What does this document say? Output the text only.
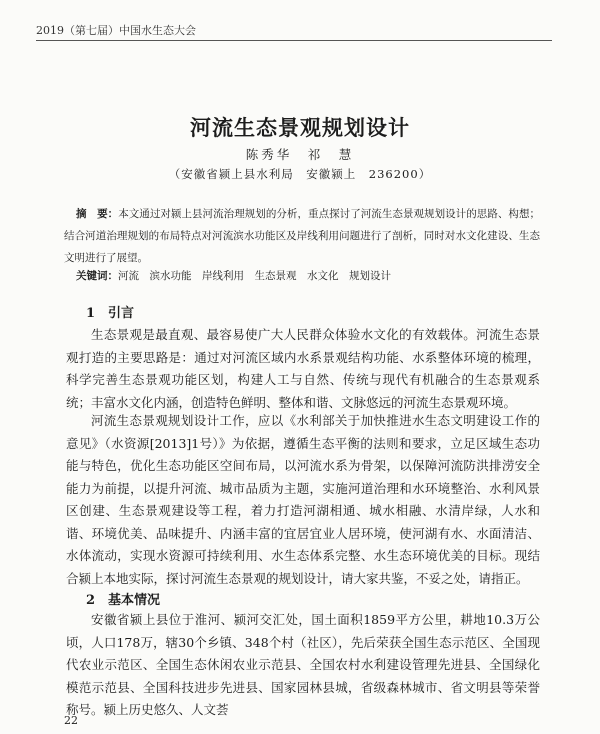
2019（第七届）中国水生态大会
河流生态景观规划设计
陈秀华　祁　慧
（安徽省颍上县水利局　安徽颍上　236200）
摘　要：本文通过对颍上县河流治理规划的分析，重点探讨了河流生态景观规划设计的思路、构想；结合河道治理规划的布局特点对河流滨水功能区及岸线利用问题进行了剖析，同时对水文化建设、生态文明进行了展望。
关键词：河流　滨水功能　岸线利用　生态景观　水文化　规划设计
1　引言
生态景观是最直观、最容易使广大人民群众体验水文化的有效载体。河流生态景观打造的主要思路是：通过对河流区域内水系景观结构功能、水系整体环境的梳理，科学完善生态景观功能区划，构建人工与自然、传统与现代有机融合的生态景观系统；丰富水文化内涵，创造特色鲜明、整体和谐、文脉悠远的河流生态景观环境。
河流生态景观规划设计工作，应以《水利部关于加快推进水生态文明建设工作的意见》（水资源[2013]1号）》为依据，遵循生态平衡的法则和要求，立足区域生态功能与特色，优化生态功能区空间布局，以河流水系为骨架，以保障河流防洪排涝安全能力为前提，以提升河流、城市品质为主题，实施河道治理和水环境整治、水利风景区创建、生态景观建设等工程，着力打造河湖相通、城水相融、水清岸绿，人水和谐、环境优美、品味提升、内涵丰富的宜居宜业人居环境，使河湖有水、水面清洁、水体流动，实现水资源可持续利用、水生态体系完整、水生态环境优美的目标。现结合颍上本地实际，探讨河流生态景观的规划设计，请大家共鉴，不妥之处，请指正。
2　基本情况
安徽省颍上县位于淮河、颍河交汇处，国土面积1859平方公里，耕地10.3万公顷，人口178万，辖30个乡镇、348个村（社区），先后荣获全国生态示范区、全国现代农业示范区、全国生态休闲农业示范县、全国农村水利建设管理先进县、全国绿化模范示范县、全国科技进步先进县、国家园林县城，省级森林城市、省文明县等荣誉称号。颍上历史悠久、人文荟
22
